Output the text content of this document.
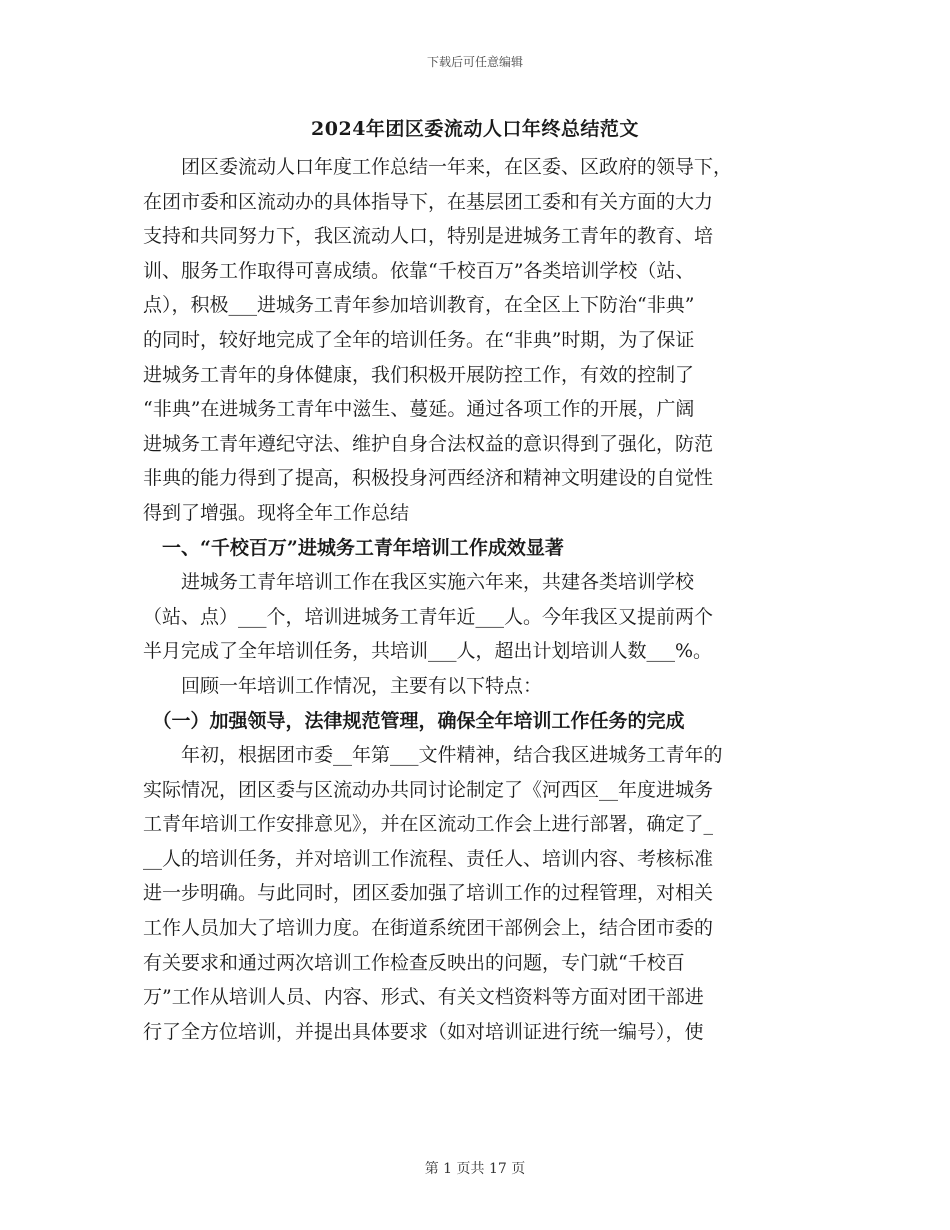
下载后可任意编辑
2024年团区委流动人口年终总结范文
　　团区委流动人口年度工作总结一年来，在区委、区政府的领导下，
在团市委和区流动办的具体指导下，在基层团工委和有关方面的大力
支持和共同努力下，我区流动人口，特别是进城务工青年的教育、培
训、服务工作取得可喜成绩。依靠“千校百万”各类培训学校（站、
点），积极___进城务工青年参加培训教育，在全区上下防治“非典”
的同时，较好地完成了全年的培训任务。在“非典”时期，为了保证
进城务工青年的身体健康，我们积极开展防控工作，有效的控制了
“非典”在进城务工青年中滋生、蔓延。通过各项工作的开展，广阔
进城务工青年遵纪守法、维护自身合法权益的意识得到了强化，防范
非典的能力得到了提高，积极投身河西经济和精神文明建设的自觉性
得到了增强。现将全年工作总结
　一、“千校百万”进城务工青年培训工作成效显著
　　进城务工青年培训工作在我区实施六年来，共建各类培训学校
（站、点）___个，培训进城务工青年近___人。今年我区又提前两个
半月完成了全年培训任务，共培训___人，超出计划培训人数___%。
　　回顾一年培训工作情况，主要有以下特点：
　（一）加强领导，法律规范管理，确保全年培训工作任务的完成
　　年初，根据团市委__年第___文件精神，结合我区进城务工青年的
实际情况，团区委与区流动办共同讨论制定了《河西区__年度进城务
工青年培训工作安排意见》，并在区流动工作会上进行部署，确定了_
__人的培训任务，并对培训工作流程、责任人、培训内容、考核标准
进一步明确。与此同时，团区委加强了培训工作的过程管理，对相关
工作人员加大了培训力度。在街道系统团干部例会上，结合团市委的
有关要求和通过两次培训工作检查反映出的问题，专门就“千校百
万”工作从培训人员、内容、形式、有关文档资料等方面对团干部进
行了全方位培训，并提出具体要求（如对培训证进行统一编号），使
第 1 页共 17 页
